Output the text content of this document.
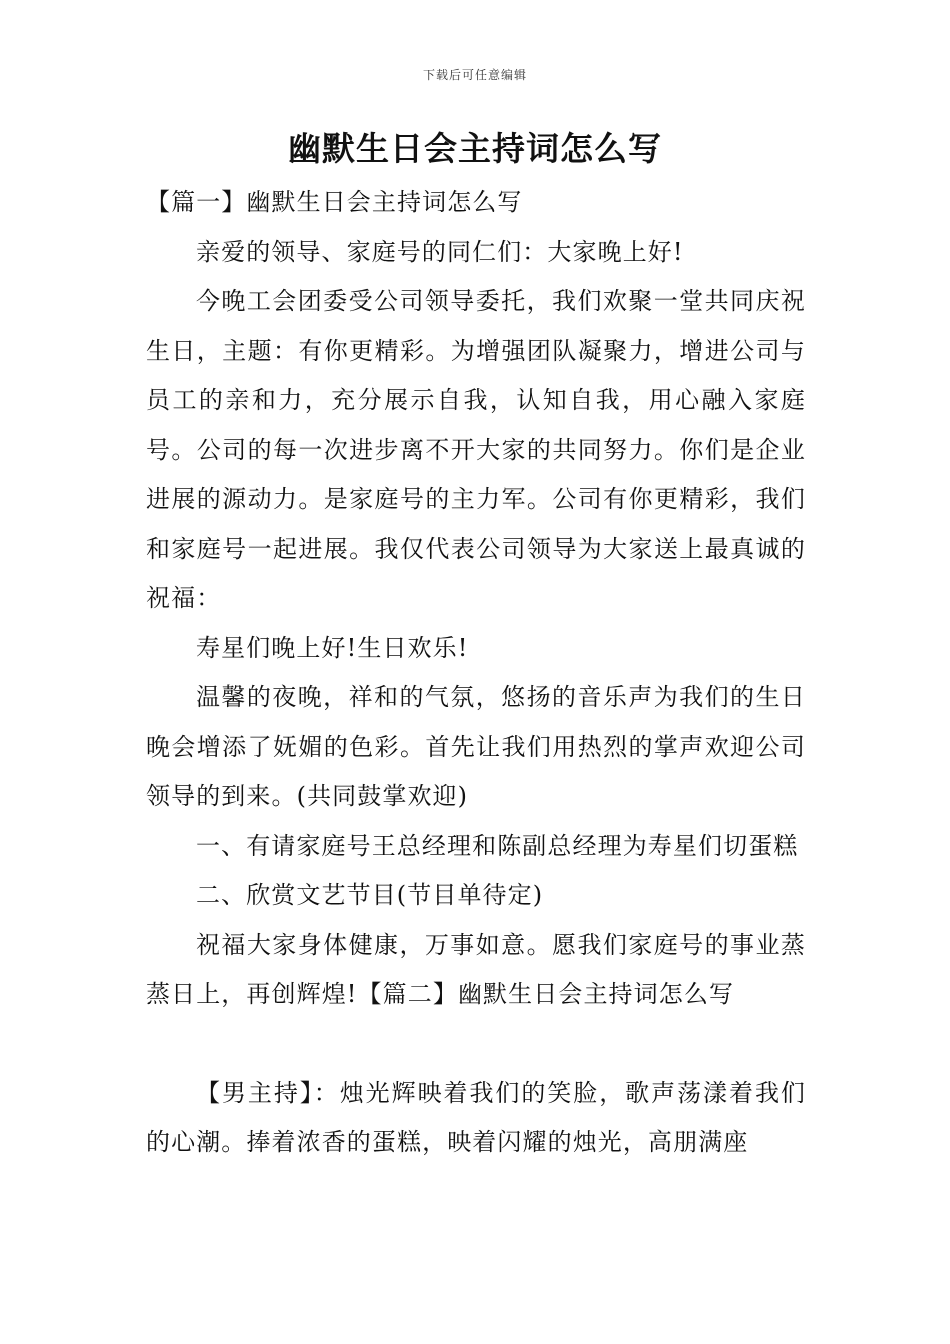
下载后可任意编辑
幽默生日会主持词怎么写

【篇一】幽默生日会主持词怎么写

亲爱的领导、家庭号的同仁们：大家晚上好!

今晚工会团委受公司领导委托，我们欢聚一堂共同庆祝生日，主题：有你更精彩。为增强团队凝聚力，增进公司与员工的亲和力，充分展示自我，认知自我，用心融入家庭号。公司的每一次进步离不开大家的共同努力。你们是企业进展的源动力。是家庭号的主力军。公司有你更精彩，我们和家庭号一起进展。我仅代表公司领导为大家送上最真诚的祝福：

寿星们晚上好!生日欢乐!

温馨的夜晚，祥和的气氛，悠扬的音乐声为我们的生日晚会增添了妩媚的色彩。首先让我们用热烈的掌声欢迎公司领导的到来。(共同鼓掌欢迎)

一、有请家庭号王总经理和陈副总经理为寿星们切蛋糕

二、欣赏文艺节目(节目单待定)

祝福大家身体健康，万事如意。愿我们家庭号的事业蒸蒸日上，再创辉煌!【篇二】幽默生日会主持词怎么写

【男主持】：烛光辉映着我们的笑脸，歌声荡漾着我们的心潮。捧着浓香的蛋糕，映着闪耀的烛光，高朋满座
